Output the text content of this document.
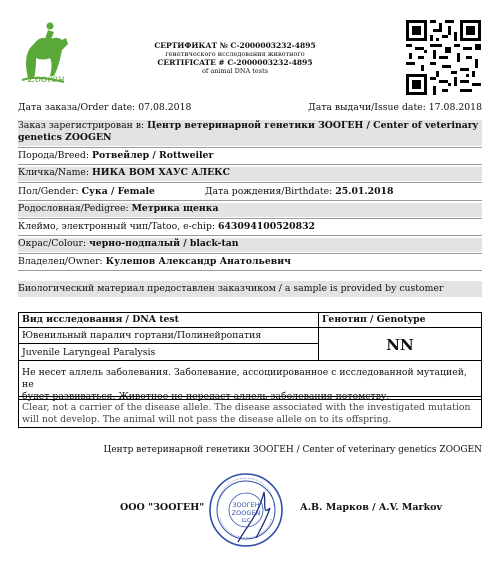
Zooген
СЕРТИФИКАТ № C-2000003232-4895
генетического исследования животного
CERTIFICATE # C-2000003232-4895
of animal DNA tests
Дата заказа/Order date: 07.08.2018	Дата выдачи/Issue date: 17.08.2018
Заказ зарегистрирован в: Центр ветеринарной генетики ЗООГЕН / Center of veterinary
genetics ZOOGEN
Порода/Breed: Ротвейлер / Rottweiler
Кличка/Name: НИКА ВОМ ХАУС АЛЕКС
Пол/Gender: Сука / Female	Дата рождения/Birthdate: 25.01.2018
Родословная/Pedigree: Метрика щенка
Клеймо, электронный чип/Tatoo, e-chip: 643094100520832
Окрас/Colour: черно-подпалый / black-tan
Владелец/Owner: Кулешов Александр Анатольевич
Биологический материал предоставлен заказчиком / a sample is provided by customer
Вид исследования / DNA test	Генотип / Genotype
Ювенильный паралич гортани/Полинейропатия
Juvenile Laryngeal Paralysis	NN
Не несет аллель заболевания. Заболевание, ассоциированное с исследованной мутацией, не
будет развиваться. Животное не передаст аллель заболевания потомству.
Clear, not a carrier of the disease allele. The disease associated with the investigated mutation
will not develop. The animal will not pass the disease allele on to its offspring.
Центр ветеринарной генетики ЗООГЕН / Center of veterinary genetics ZOOGEN
ЗООГЕН
ZOOGEN
LLC
ООО "ЗООГЕН"	А.В. Марков / A.V. Markov
